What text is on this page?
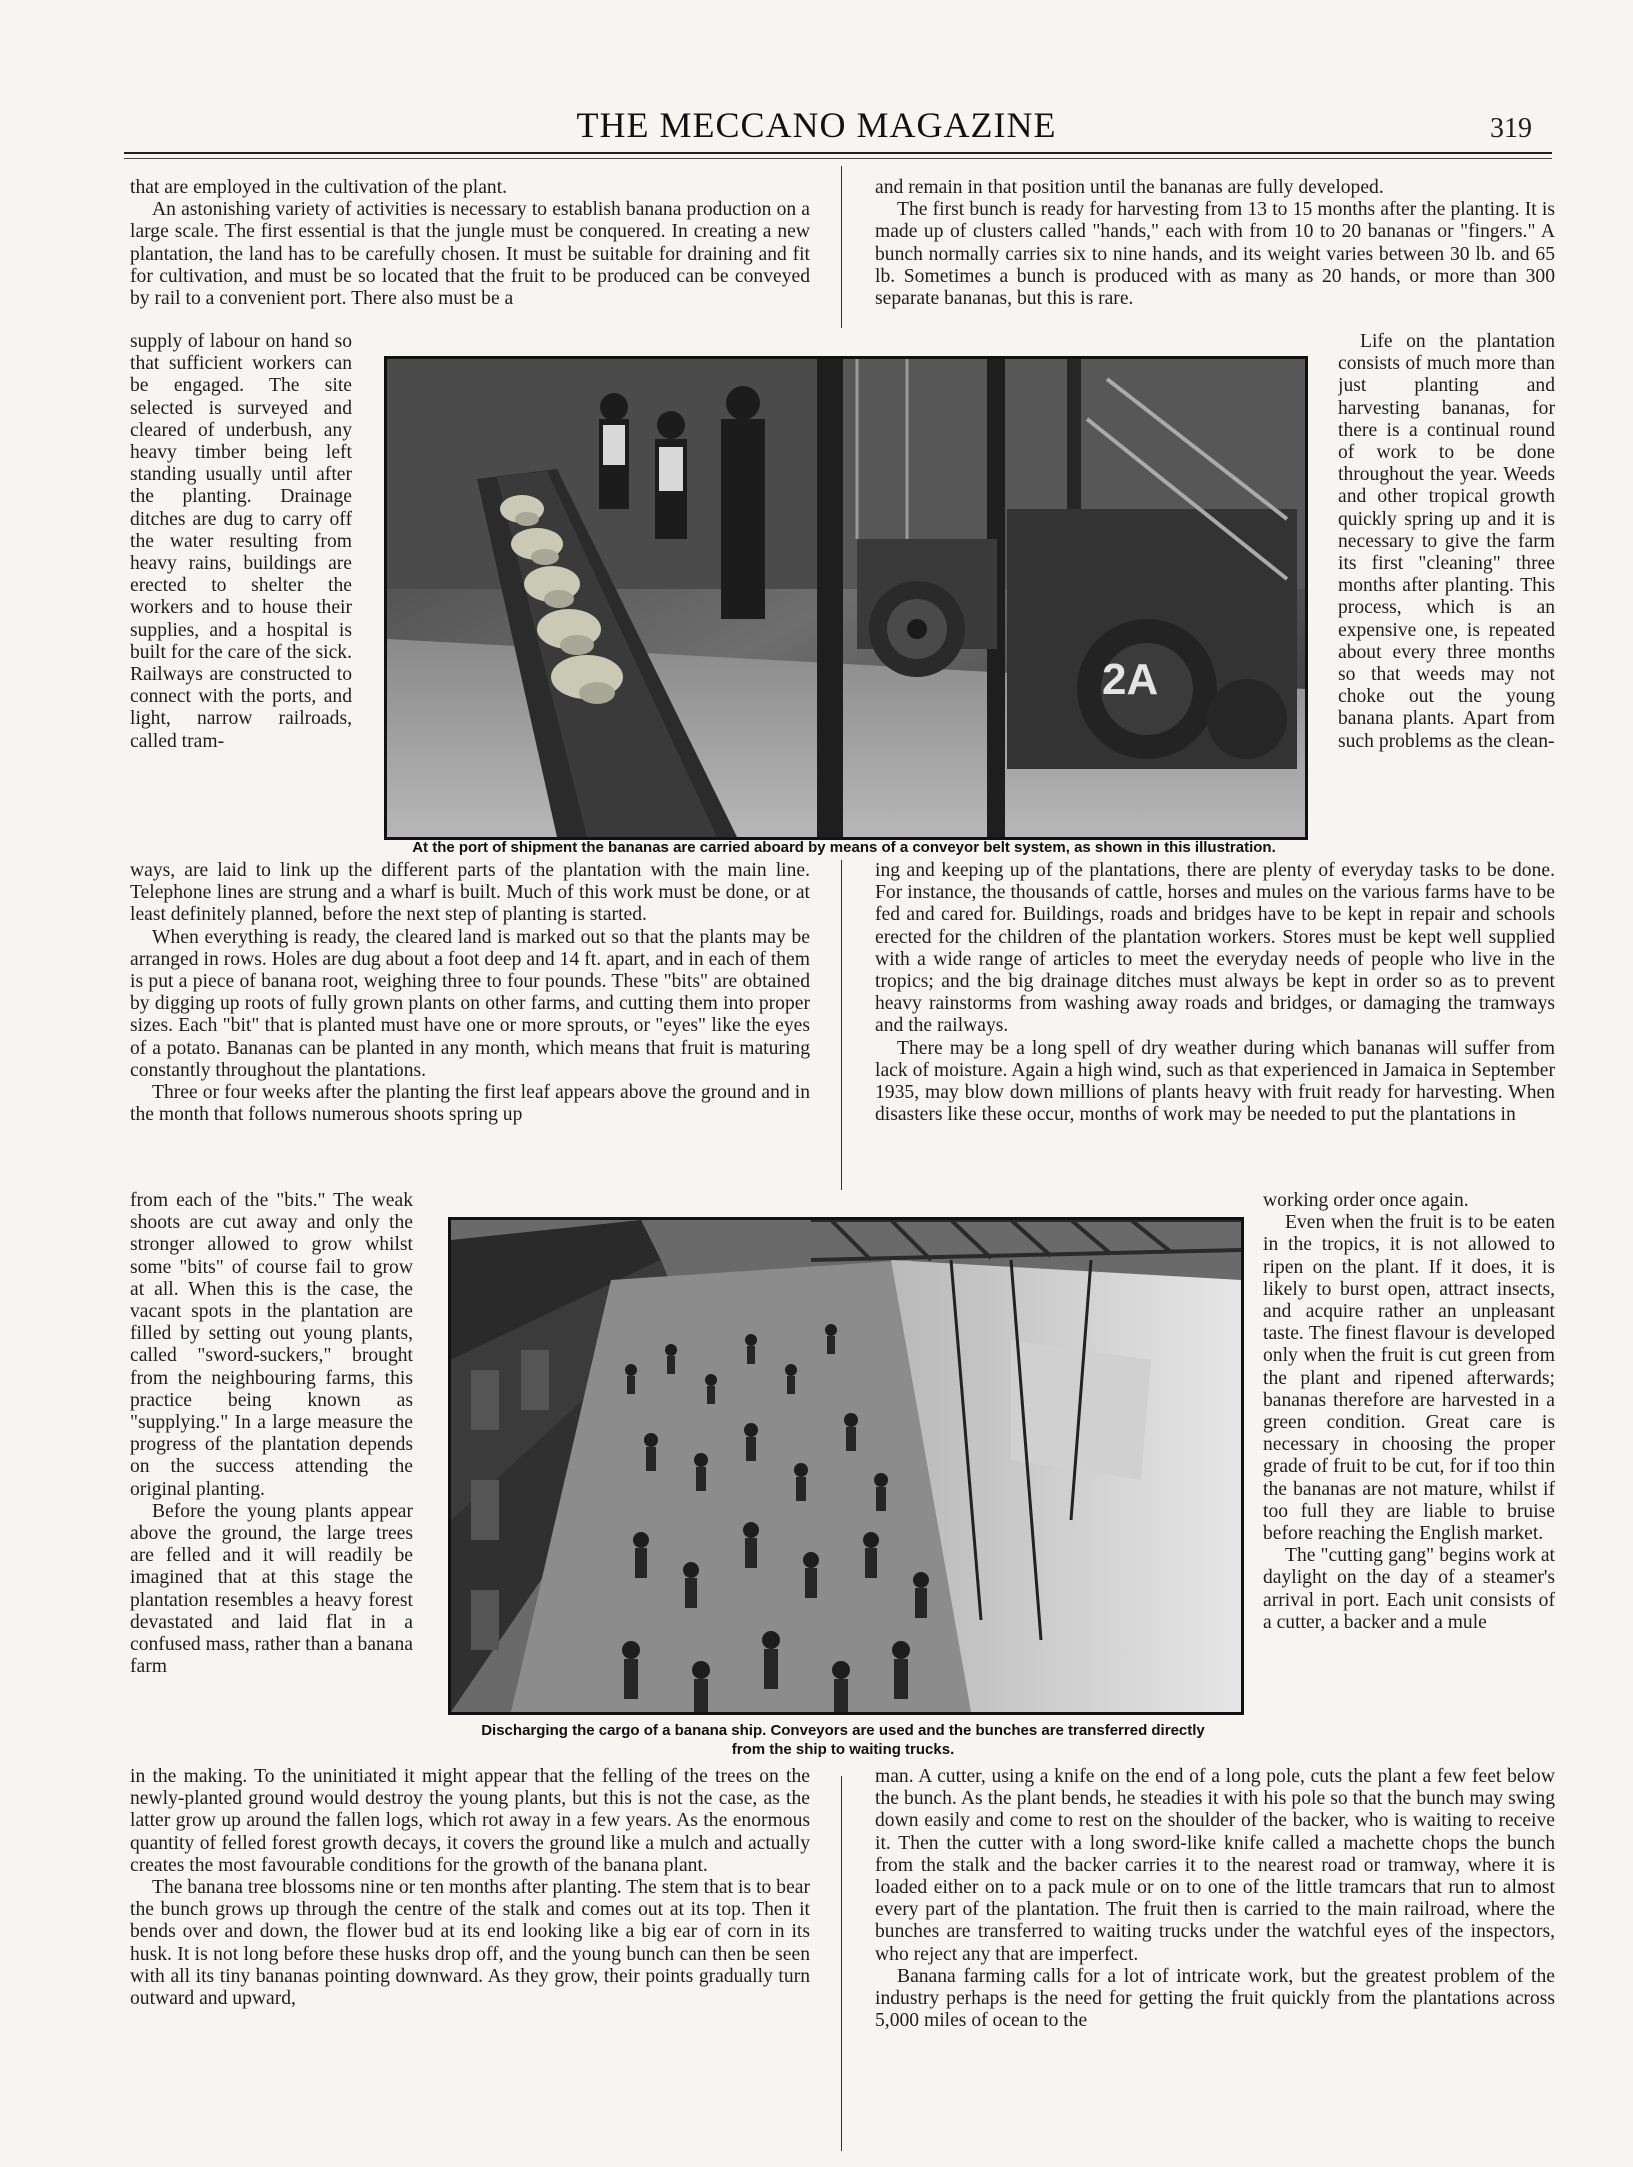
THE MECCANO MAGAZINE	319

that are employed in the cultivation of the plant.

An astonishing variety of activities is necessary to establish banana production on a large scale. The first essential is that the jungle must be conquered. In creating a new plantation, the land has to be carefully chosen. It must be suitable for draining and fit for cultivation, and must be so located that the fruit to be produced can be conveyed by rail to a convenient port. There also must be a

supply of labour on hand so that sufficient workers can be engaged. The site selected is surveyed and cleared of underbush, any heavy timber being left standing usually until after the planting. Drainage ditches are dug to carry off the water resulting from heavy rains, buildings are erected to shelter the workers and to house their supplies, and a hospital is built for the care of the sick. Railways are constructed to connect with the ports, and light, narrow railroads, called tram-

ways, are laid to link up the different parts of the plantation with the main line. Telephone lines are strung and a wharf is built. Much of this work must be done, or at least definitely planned, before the next step of planting is started.

When everything is ready, the cleared land is marked out so that the plants may be arranged in rows. Holes are dug about a foot deep and 14 ft. apart, and in each of them is put a piece of banana root, weighing three to four pounds. These "bits" are obtained by digging up roots of fully grown plants on other farms, and cutting them into proper sizes. Each "bit" that is planted must have one or more sprouts, or "eyes" like the eyes of a potato. Bananas can be planted in any month, which means that fruit is maturing constantly throughout the plantations.

Three or four weeks after the planting the first leaf appears above the ground and in the month that follows numerous shoots spring up

from each of the "bits." The weak shoots are cut away and only the stronger allowed to grow whilst some "bits" of course fail to grow at all. When this is the case, the vacant spots in the plantation are filled by setting out young plants, called "sword-suckers," brought from the neighbouring farms, this practice being known as "supplying." In a large measure the progress of the plantation depends on the success attending the original planting.

Before the young plants appear above the ground, the large trees are felled and it will readily be imagined that at this stage the plantation resembles a heavy forest devastated and laid flat in a confused mass, rather than a banana farm

in the making. To the uninitiated it might appear that the felling of the trees on the newly-planted ground would destroy the young plants, but this is not the case, as the latter grow up around the fallen logs, which rot away in a few years. As the enormous quantity of felled forest growth decays, it covers the ground like a mulch and actually creates the most favourable conditions for the growth of the banana plant.

The banana tree blossoms nine or ten months after planting. The stem that is to bear the bunch grows up through the centre of the stalk and comes out at its top. Then it bends over and down, the flower bud at its end looking like a big ear of corn in its husk. It is not long before these husks drop off, and the young bunch can then be seen with all its tiny bananas pointing downward. As they grow, their points gradually turn outward and upward,

and remain in that position until the bananas are fully developed.

The first bunch is ready for harvesting from 13 to 15 months after the planting. It is made up of clusters called "hands," each with from 10 to 20 bananas or "fingers." A bunch normally carries six to nine hands, and its weight varies between 30 lb. and 65 lb. Sometimes a bunch is produced with as many as 20 hands, or more than 300 separate bananas, but this is rare.

Life on the plantation consists of much more than just planting and harvesting bananas, for there is a continual round of work to be done throughout the year. Weeds and other tropical growth quickly spring up and it is necessary to give the farm its first "cleaning" three months after planting. This process, which is an expensive one, is repeated about every three months so that weeds may not choke out the young banana plants. Apart from such problems as the clean-

ing and keeping up of the plantations, there are plenty of everyday tasks to be done. For instance, the thousands of cattle, horses and mules on the various farms have to be fed and cared for. Buildings, roads and bridges have to be kept in repair and schools erected for the children of the plantation workers. Stores must be kept well supplied with a wide range of articles to meet the everyday needs of people who live in the tropics; and the big drainage ditches must always be kept in order so as to prevent heavy rainstorms from washing away roads and bridges, or damaging the tramways and the railways.

There may be a long spell of dry weather during which bananas will suffer from lack of moisture. Again a high wind, such as that experienced in Jamaica in September 1935, may blow down millions of plants heavy with fruit ready for harvesting. When disasters like these occur, months of work may be needed to put the plantations in

working order once again.

Even when the fruit is to be eaten in the tropics, it is not allowed to ripen on the plant. If it does, it is likely to burst open, attract insects, and acquire rather an unpleasant taste. The finest flavour is developed only when the fruit is cut green from the plant and ripened afterwards; bananas therefore are harvested in a green condition. Great care is necessary in choosing the proper grade of fruit to be cut, for if too thin the bananas are not mature, whilst if too full they are liable to bruise before reaching the English market.

The "cutting gang" begins work at daylight on the day of a steamer's arrival in port. Each unit consists of a cutter, a backer and a mule

man. A cutter, using a knife on the end of a long pole, cuts the plant a few feet below the bunch. As the plant bends, he steadies it with his pole so that the bunch may swing down easily and come to rest on the shoulder of the backer, who is waiting to receive it. Then the cutter with a long sword-like knife called a machette chops the bunch from the stalk and the backer carries it to the nearest road or tramway, where it is loaded either on to a pack mule or on to one of the little tramcars that run to almost every part of the plantation. The fruit then is carried to the main railroad, where the bunches are transferred to waiting trucks under the watchful eyes of the inspectors, who reject any that are imperfect.

Banana farming calls for a lot of intricate work, but the greatest problem of the industry perhaps is the need for getting the fruit quickly from the plantations across 5,000 miles of ocean to the

2A
At the port of shipment the bananas are carried aboard by means of a conveyor belt system, as shown in this illustration.
Discharging the cargo of a banana ship. Conveyors are used and the bunches are transferred directly
from the ship to waiting trucks.
